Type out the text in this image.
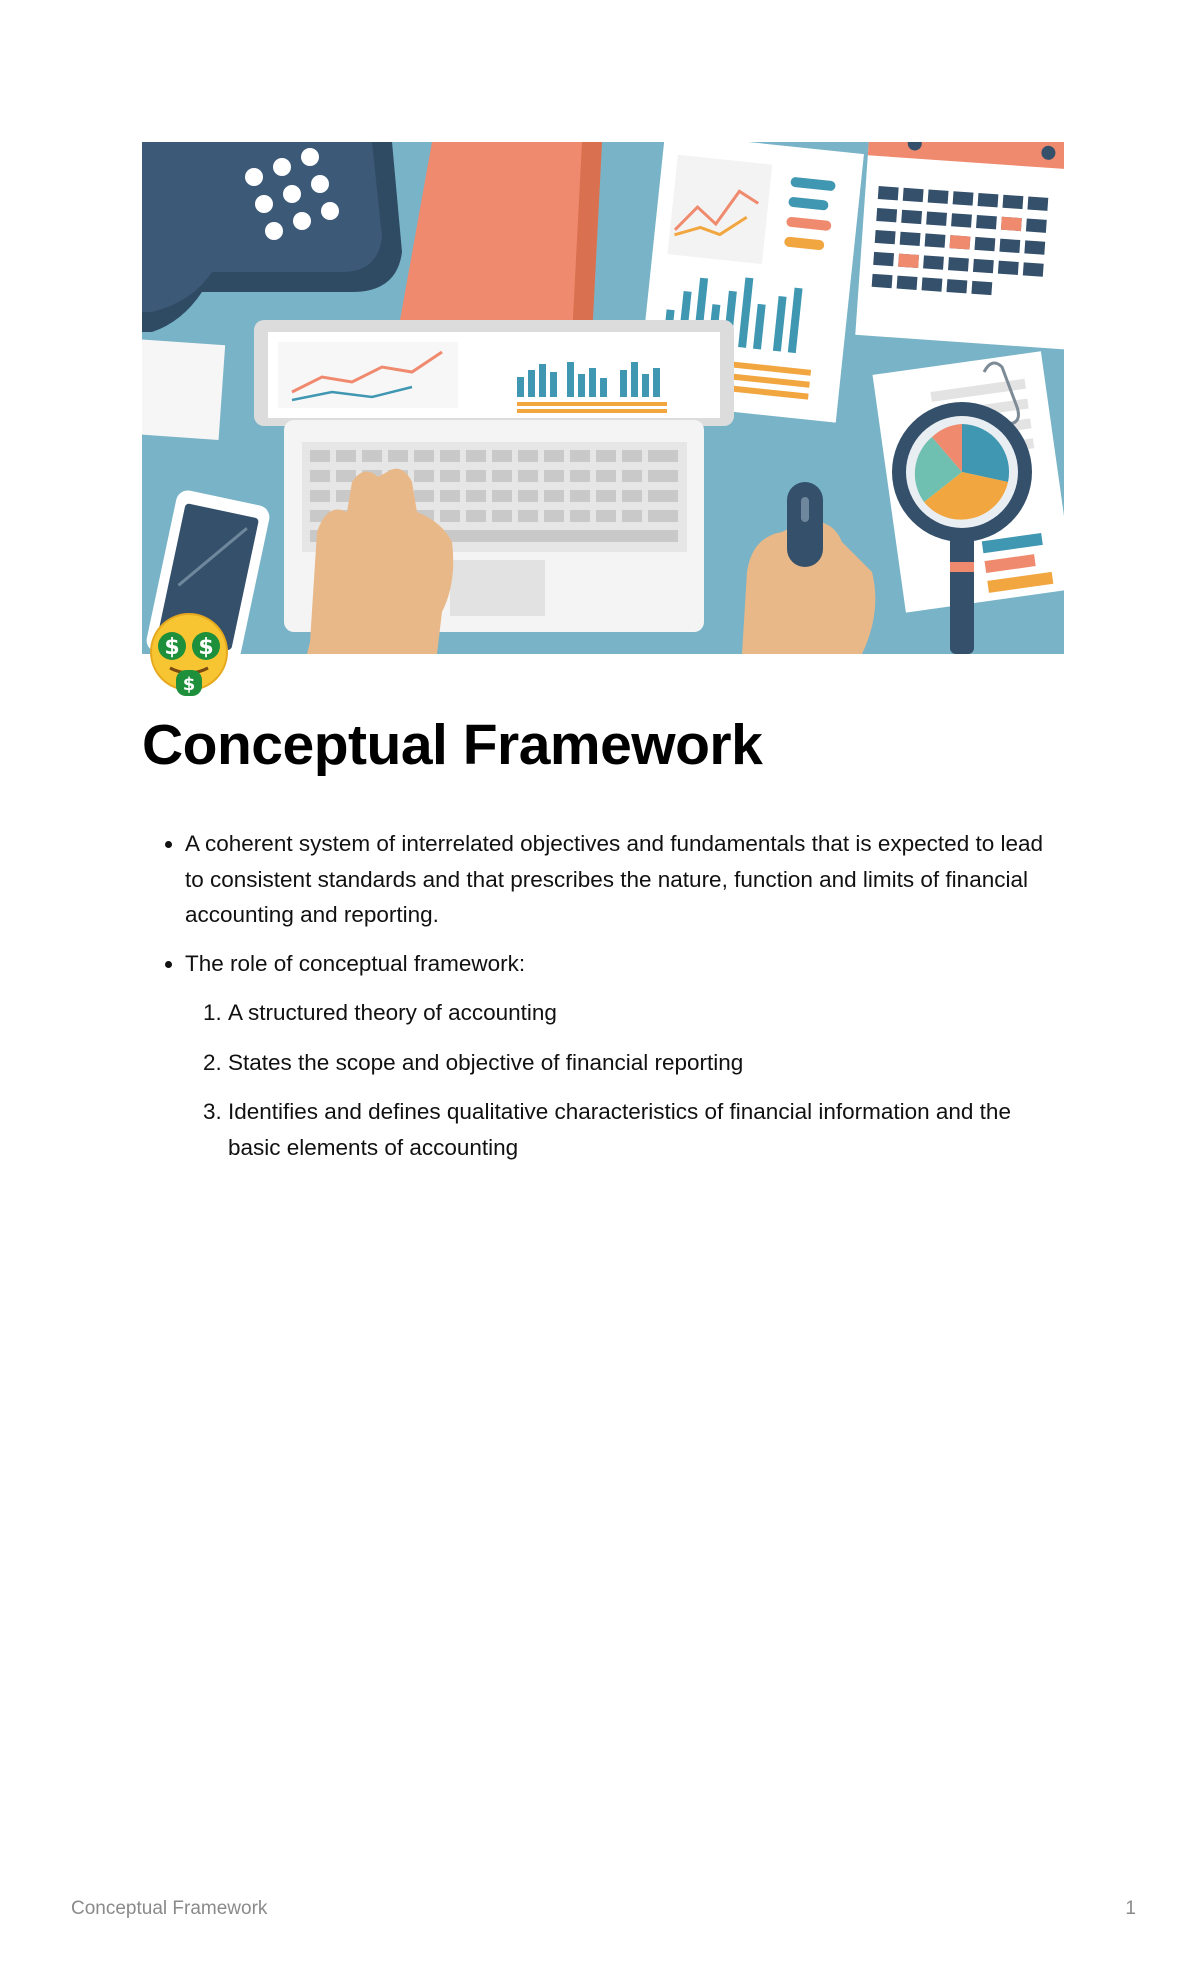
$ $
$
Conceptual Framework
• A coherent system of interrelated objectives and fundamentals that is expected to lead to consistent standards and that prescribes the nature, function and limits of financial accounting and reporting.
• The role of conceptual framework:
1. A structured theory of accounting
2. States the scope and objective of financial reporting
3. Identifies and defines qualitative characteristics of financial information and the basic elements of accounting
Conceptual Framework	1
